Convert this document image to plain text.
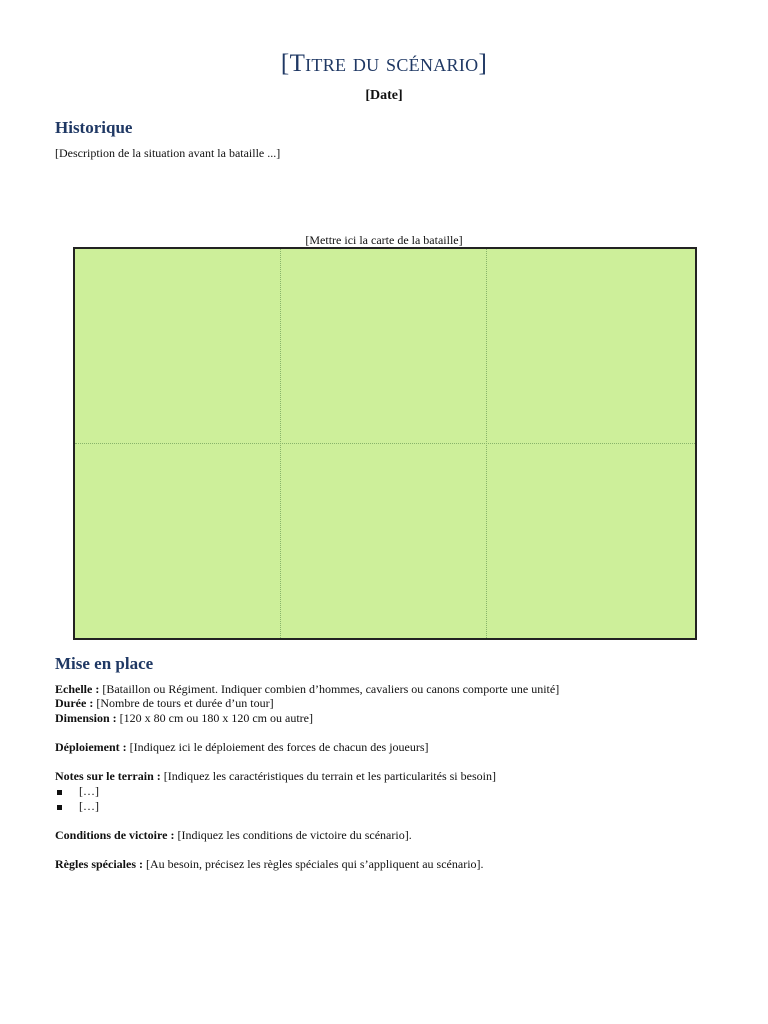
[Titre du scénario]
[Date]
Historique
[Description de la situation avant la bataille ...]
[Mettre ici la carte de la bataille]
Mise en place
Echelle : [Bataillon ou Régiment. Indiquer combien d’hommes, cavaliers ou canons comporte une unité]
Durée : [Nombre de tours et durée d’un tour]
Dimension : [120 x 80 cm ou 180 x 120 cm ou autre]
Déploiement : [Indiquez ici le déploiement des forces de chacun des joueurs]
Notes sur le terrain : [Indiquez les caractéristiques du terrain et les particularités si besoin]
[…]
[…]
Conditions de victoire : [Indiquez les conditions de victoire du scénario].
Règles spéciales : [Au besoin, précisez les règles spéciales qui s’appliquent au scénario].
